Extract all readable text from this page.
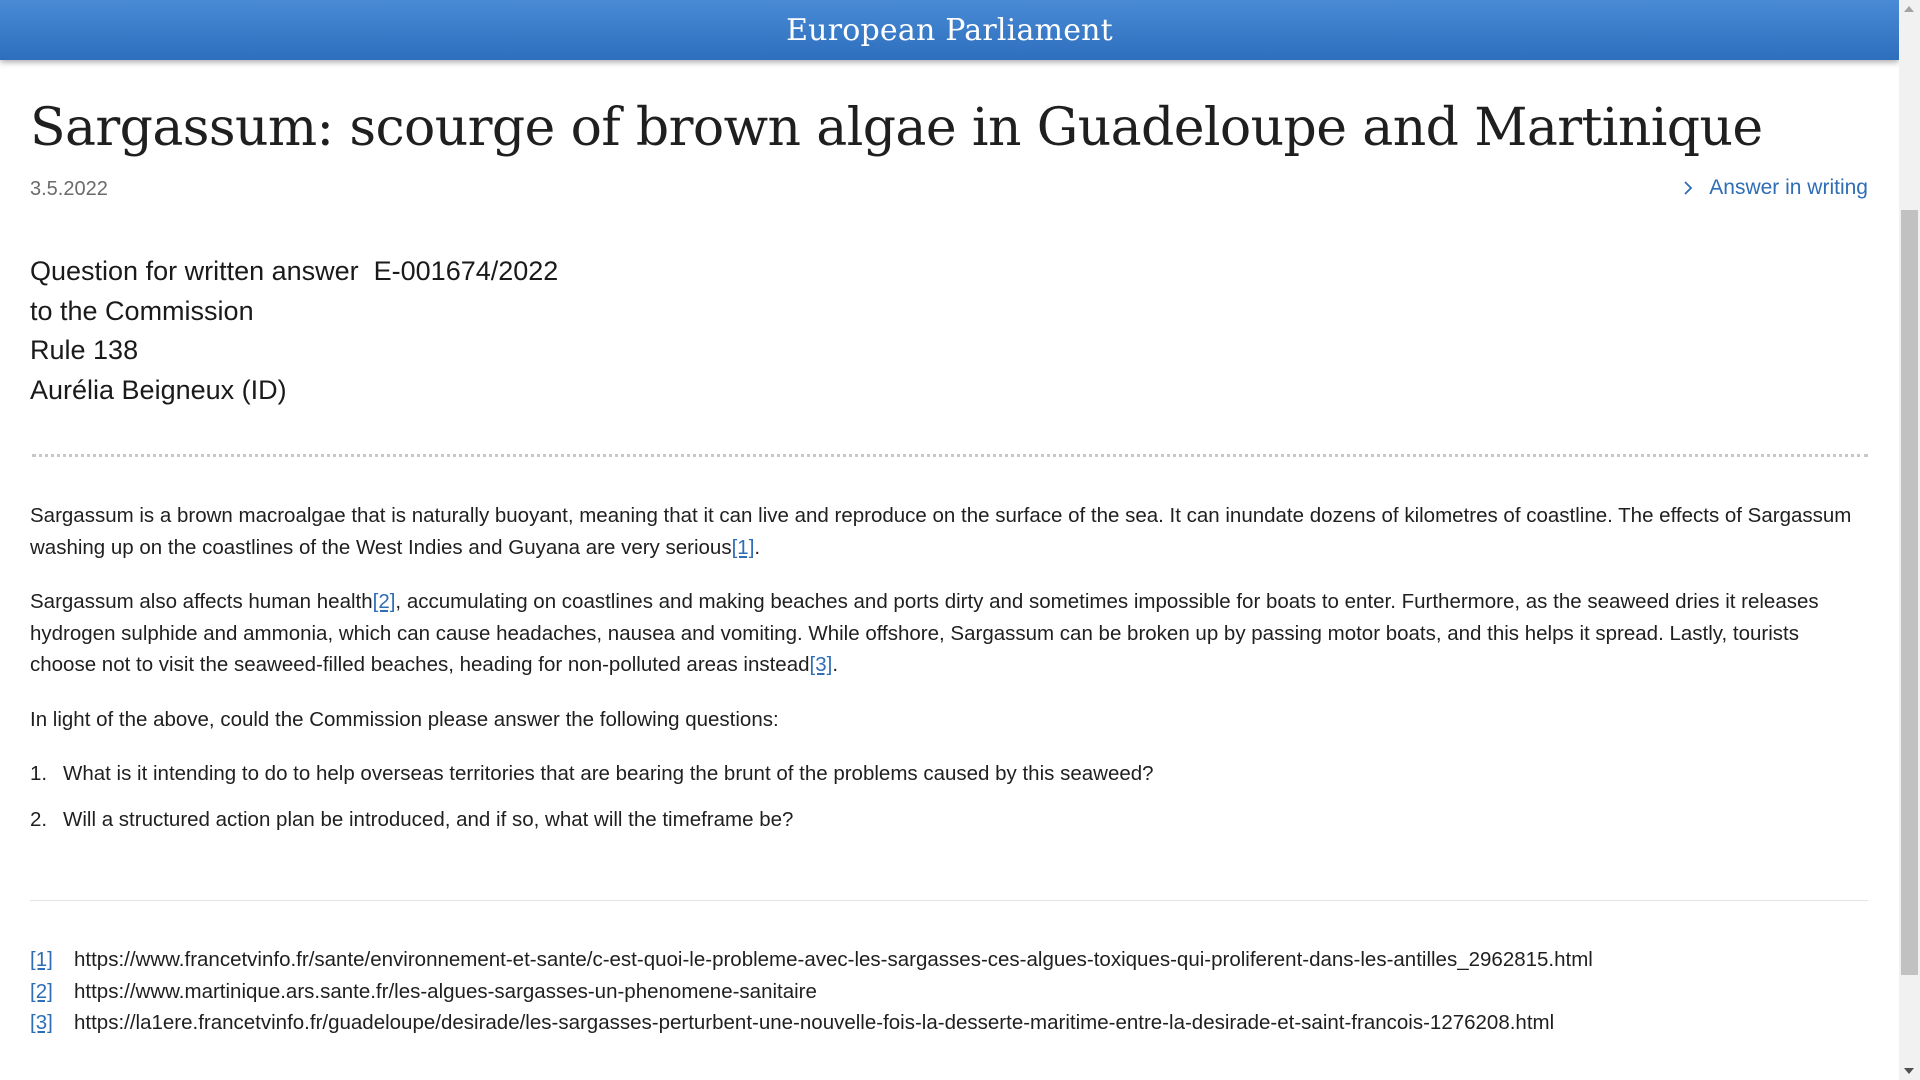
European Parliament
Sargassum: scourge of brown algae in Guadeloupe and Martinique
3.5.2022	Answer in writing
Question for written answer  E-001674/2022
to the Commission
Rule 138
Aurélia Beigneux (ID)

Sargassum is a brown macroalgae that is naturally buoyant, meaning that it can live and reproduce on the surface of the sea. It can inundate dozens of kilometres of coastline. The effects of Sargassum washing up on the coastlines of the West Indies and Guyana are very serious[1].

Sargassum also affects human health[2], accumulating on coastlines and making beaches and ports dirty and sometimes impossible for boats to enter. Furthermore, as the seaweed dries it releases hydrogen sulphide and ammonia, which can cause headaches, nausea and vomiting. While offshore, Sargassum can be broken up by passing motor boats, and this helps it spread. Lastly, tourists choose not to visit the seaweed-filled beaches, heading for non-polluted areas instead[3].

In light of the above, could the Commission please answer the following questions:

1. What is it intending to do to help overseas territories that are bearing the brunt of the problems caused by this seaweed?
2. Will a structured action plan be introduced, and if so, what will the timeframe be?
[1]	https://www.francetvinfo.fr/sante/environnement-et-sante/c-est-quoi-le-probleme-avec-les-sargasses-ces-algues-toxiques-qui-proliferent-dans-les-antilles_2962815.html
[2]	https://www.martinique.ars.sante.fr/les-algues-sargasses-un-phenomene-sanitaire
[3]	https://la1ere.francetvinfo.fr/guadeloupe/desirade/les-sargasses-perturbent-une-nouvelle-fois-la-desserte-maritime-entre-la-desirade-et-saint-francois-1276208.html
